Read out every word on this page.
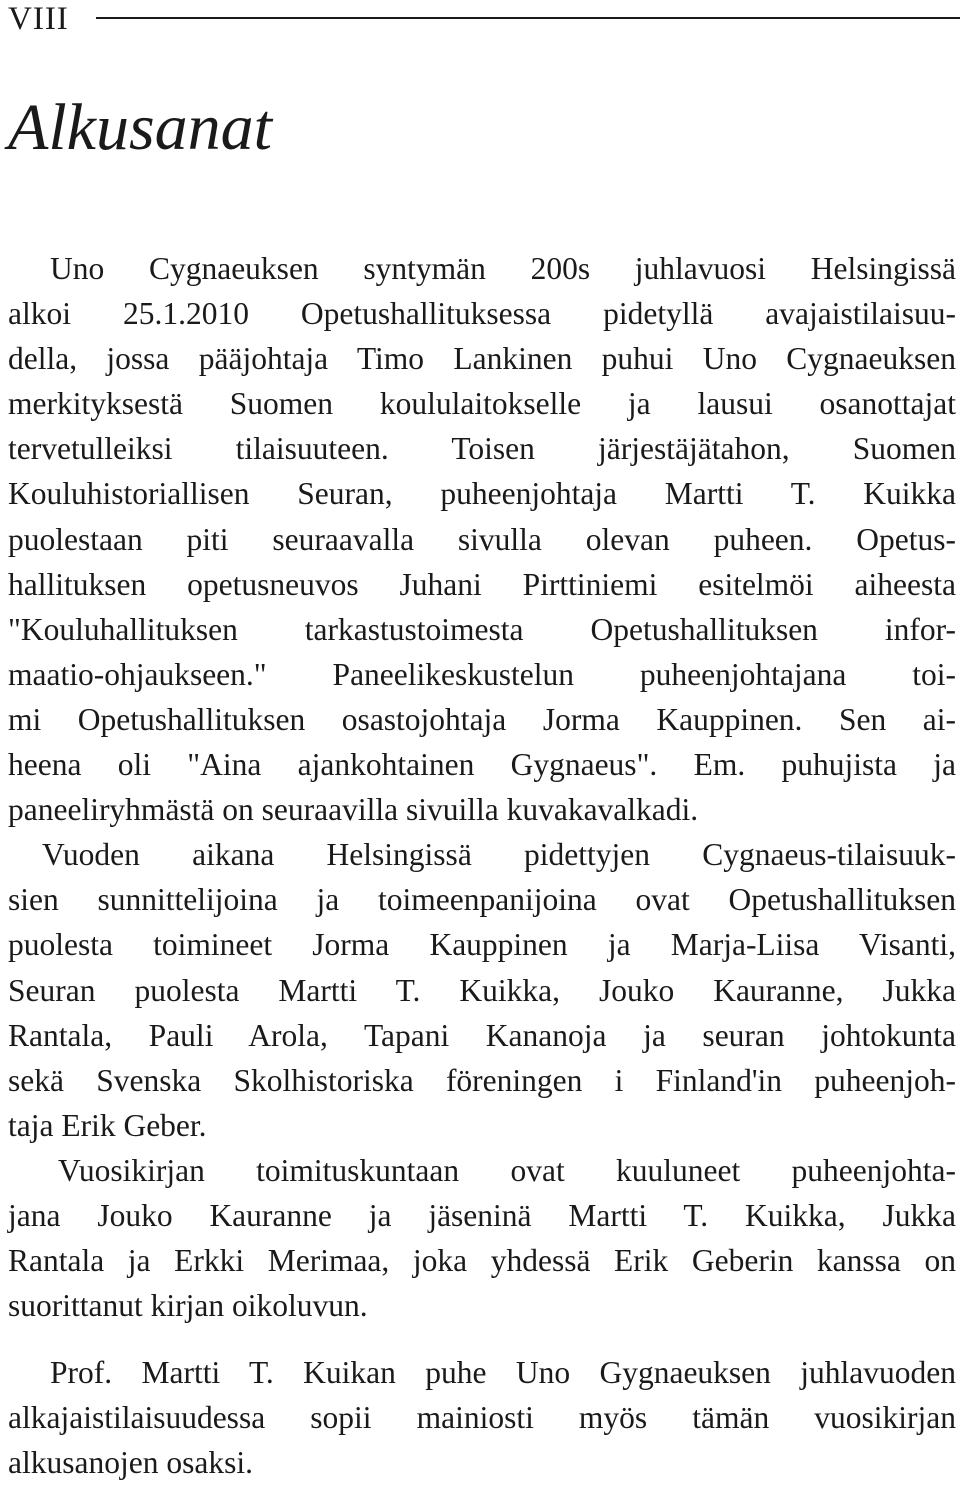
VIII
Alkusanat

Uno Cygnaeuksen syntymän 200s juhlavuosi Helsingissä
alkoi 25.1.2010 Opetushallituksessa pidetyllä avajaistilaisuu-
della, jossa pääjohtaja Timo Lankinen puhui Uno Cygnaeuksen
merkityksestä Suomen koululaitokselle ja lausui osanottajat
tervetulleiksi tilaisuuteen. Toisen järjestäjätahon, Suomen
Kouluhistoriallisen Seuran, puheenjohtaja Martti T. Kuikka
puolestaan piti seuraavalla sivulla olevan puheen. Opetus-
hallituksen opetusneuvos Juhani Pirttiniemi esitelmöi aiheesta
"Kouluhallituksen tarkastustoimesta Opetushallituksen infor-
maatio-ohjaukseen." Paneelikeskustelun puheenjohtajana toi-
mi Opetushallituksen osastojohtaja Jorma Kauppinen. Sen ai-
heena oli "Aina ajankohtainen Gygnaeus". Em. puhujista ja
paneeliryhmästä on seuraavilla sivuilla kuvakavalkadi.

Vuoden aikana Helsingissä pidettyjen Cygnaeus-tilaisuuk-
sien sunnittelijoina ja toimeenpanijoina ovat Opetushallituksen
puolesta toimineet Jorma Kauppinen ja Marja-Liisa Visanti,
Seuran puolesta Martti T. Kuikka, Jouko Kauranne, Jukka
Rantala, Pauli Arola, Tapani Kananoja ja seuran johtokunta
sekä Svenska Skolhistoriska föreningen i Finland'in puheenjoh-
taja Erik Geber.

Vuosikirjan toimituskuntaan ovat kuuluneet puheenjohta-
jana Jouko Kauranne ja jäseninä Martti T. Kuikka, Jukka
Rantala ja Erkki Merimaa, joka yhdessä Erik Geberin kanssa on
suorittanut kirjan oikoluvun.

Prof. Martti T. Kuikan puhe Uno Gygnaeuksen juhlavuoden
alkajaistilaisuudessa sopii mainiosti myös tämän vuosikirjan
alkusanojen osaksi.
